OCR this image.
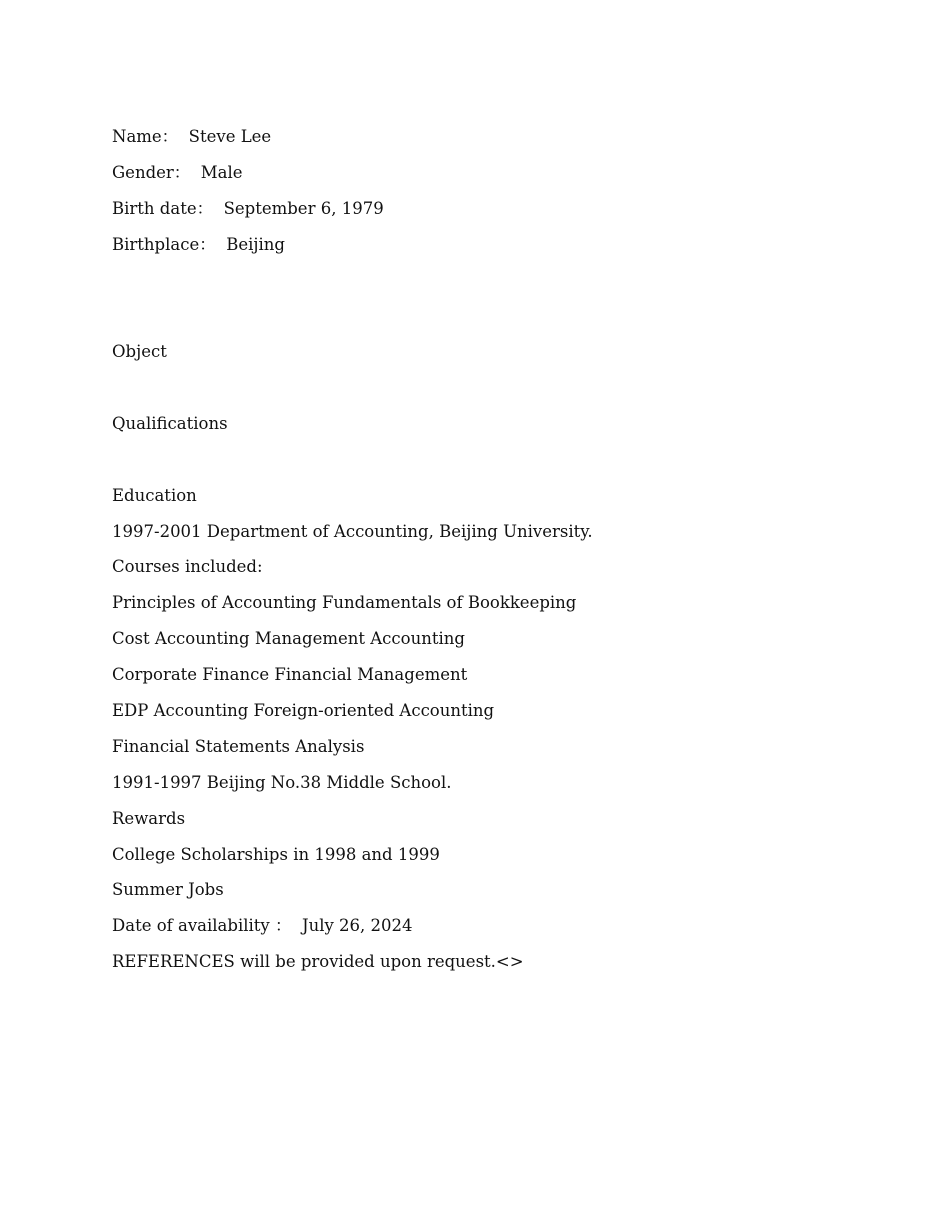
Name：  Steve Lee
Gender：  Male
Birth date：  September 6, 1979
Birthplace：  Beijing
Object
Qualifications
Education
1997-2001 Department of Accounting, Beijing University.
Courses included:
Principles of Accounting Fundamentals of Bookkeeping
Cost Accounting Management Accounting
Corporate Finance Financial Management
EDP Accounting Foreign-oriented Accounting
Financial Statements Analysis
1991-1997 Beijing No.38 Middle School.
Rewards
College Scholarships in 1998 and 1999
Summer Jobs
Date of availability ：  July 26, 2024
REFERENCES will be provided upon request.<>
